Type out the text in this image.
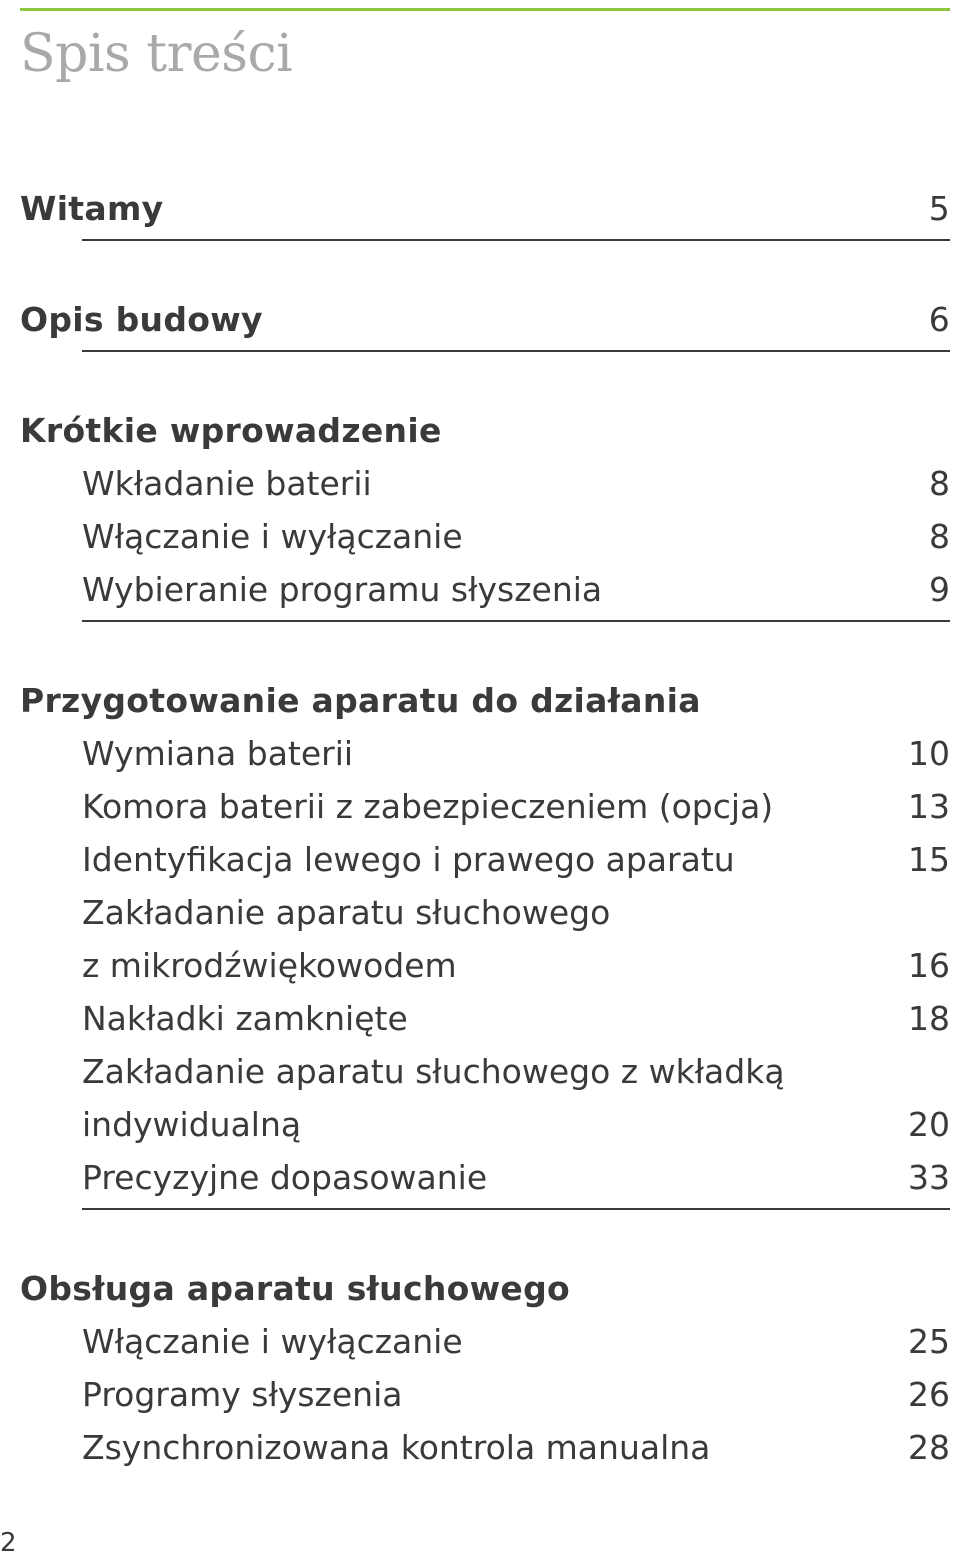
Spis treści
Witamy	5
Opis budowy	6
Krótkie wprowadzenie
Wkładanie baterii	8
Włączanie i wyłączanie	8
Wybieranie programu słyszenia	9
Przygotowanie aparatu do działania
Wymiana baterii	10
Komora baterii z zabezpieczeniem (opcja)	13
Identyfikacja lewego i prawego aparatu	15
Zakładanie aparatu słuchowego
z mikrodźwiękowodem	16
Nakładki zamknięte	18
Zakładanie aparatu słuchowego z wkładką
indywidualną	20
Precyzyjne dopasowanie	33
Obsługa aparatu słuchowego
Włączanie i wyłączanie	25
Programy słyszenia	26
Zsynchronizowana kontrola manualna	28
2
